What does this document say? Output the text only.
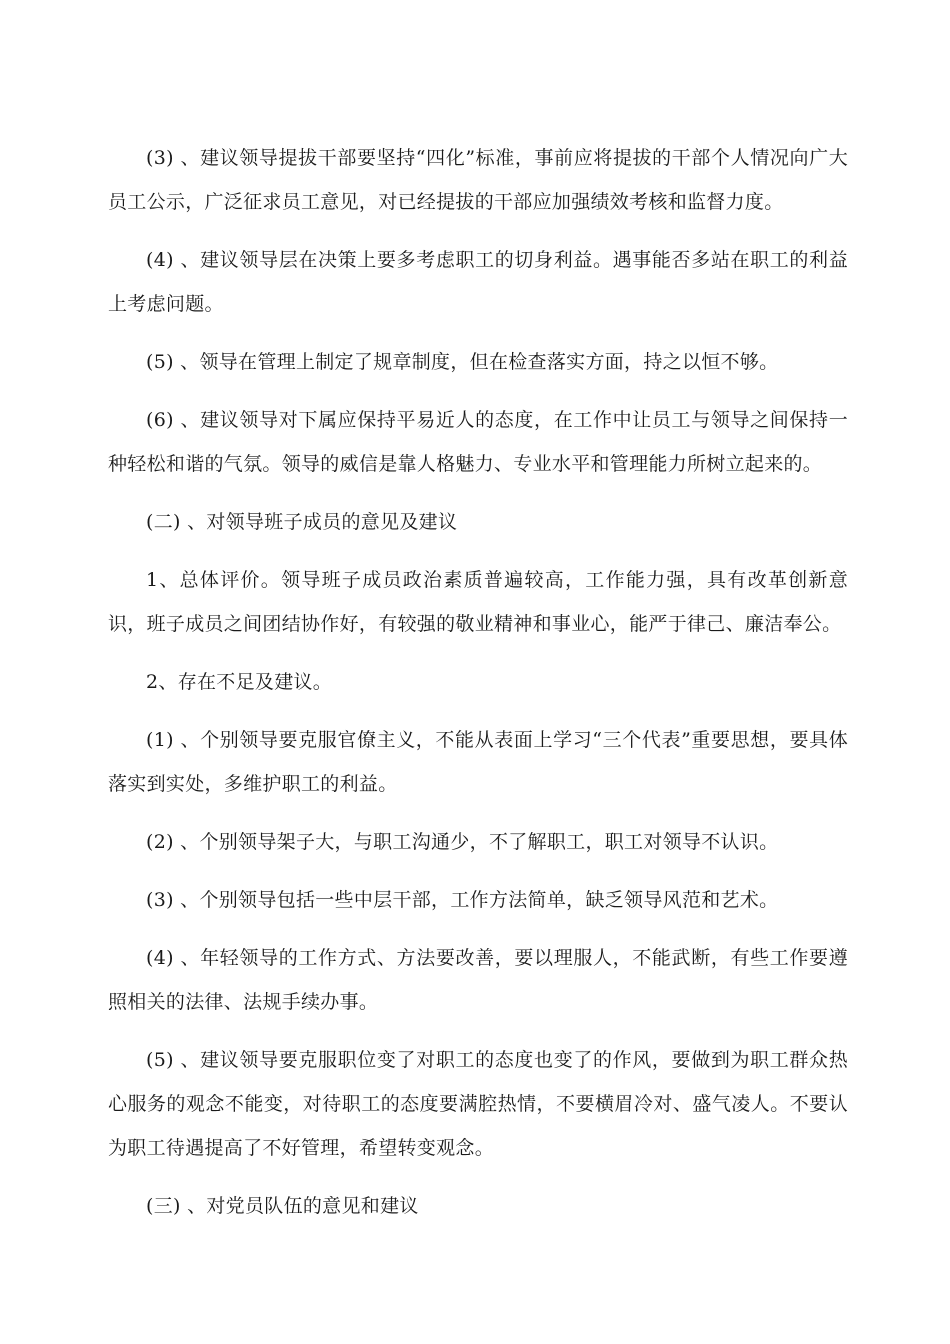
(3) 、建议领导提拔干部要坚持“四化”标准，事前应将提拔的干部个人情况向广大员工公示，广泛征求员工意见，对已经提拔的干部应加强绩效考核和监督力度。

(4) 、建议领导层在决策上要多考虑职工的切身利益。遇事能否多站在职工的利益上考虑问题。

(5) 、领导在管理上制定了规章制度，但在检查落实方面，持之以恒不够。

(6) 、建议领导对下属应保持平易近人的态度，在工作中让员工与领导之间保持一种轻松和谐的气氛。领导的威信是靠人格魅力、专业水平和管理能力所树立起来的。

(二) 、对领导班子成员的意见及建议

1、总体评价。领导班子成员政治素质普遍较高，工作能力强，具有改革创新意识，班子成员之间团结协作好，有较强的敬业精神和事业心，能严于律己、廉洁奉公。

2、存在不足及建议。

(1) 、个别领导要克服官僚主义，不能从表面上学习“三个代表”重要思想，要具体落实到实处，多维护职工的利益。

(2) 、个别领导架子大，与职工沟通少，不了解职工，职工对领导不认识。

(3) 、个别领导包括一些中层干部，工作方法简单，缺乏领导风范和艺术。

(4) 、年轻领导的工作方式、方法要改善，要以理服人，不能武断，有些工作要遵照相关的法律、法规手续办事。

(5) 、建议领导要克服职位变了对职工的态度也变了的作风，要做到为职工群众热心服务的观念不能变，对待职工的态度要满腔热情，不要横眉冷对、盛气凌人。不要认为职工待遇提高了不好管理，希望转变观念。

(三) 、对党员队伍的意见和建议
